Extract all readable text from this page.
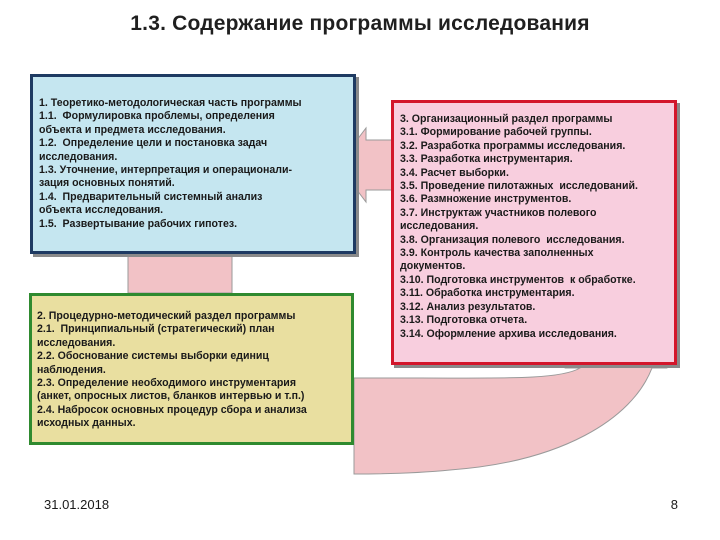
1.3. Содержание программы исследования
1. Теоретико-методологическая часть программы
1.1.  Формулировка проблемы, определения
объекта и предмета исследования.
1.2.  Определение цели и постановка задач
исследования.
1.3. Уточнение, интерпретация и операционали-
зация основных понятий.
1.4.  Предварительный системный анализ
объекта исследования.
1.5.  Развертывание рабочих гипотез.
2. Процедурно-методический раздел программы
2.1.  Принципиальный (стратегический) план
исследования.
2.2. Обоснование системы выборки единиц
наблюдения.
2.3. Определение необходимого инструментария
(анкет, опросных листов, бланков интервью и т.п.)
2.4. Набросок основных процедур сбора и анализа
исходных данных.
3. Организационный раздел программы
3.1. Формирование рабочей группы.
3.2. Разработка программы исследования.
3.3. Разработка инструментария.
3.4. Расчет выборки.
3.5. Проведение пилотажных  исследований.
3.6. Размножение инструментов.
3.7. Инструктаж участников полевого
исследования.
3.8. Организация полевого  исследования.
3.9. Контроль качества заполненных
документов.
3.10. Подготовка инструментов  к обработке.
3.11. Обработка инструментария.
3.12. Анализ результатов.
3.13. Подготовка отчета.
3.14. Оформление архива исследования.
31.01.2018	8
